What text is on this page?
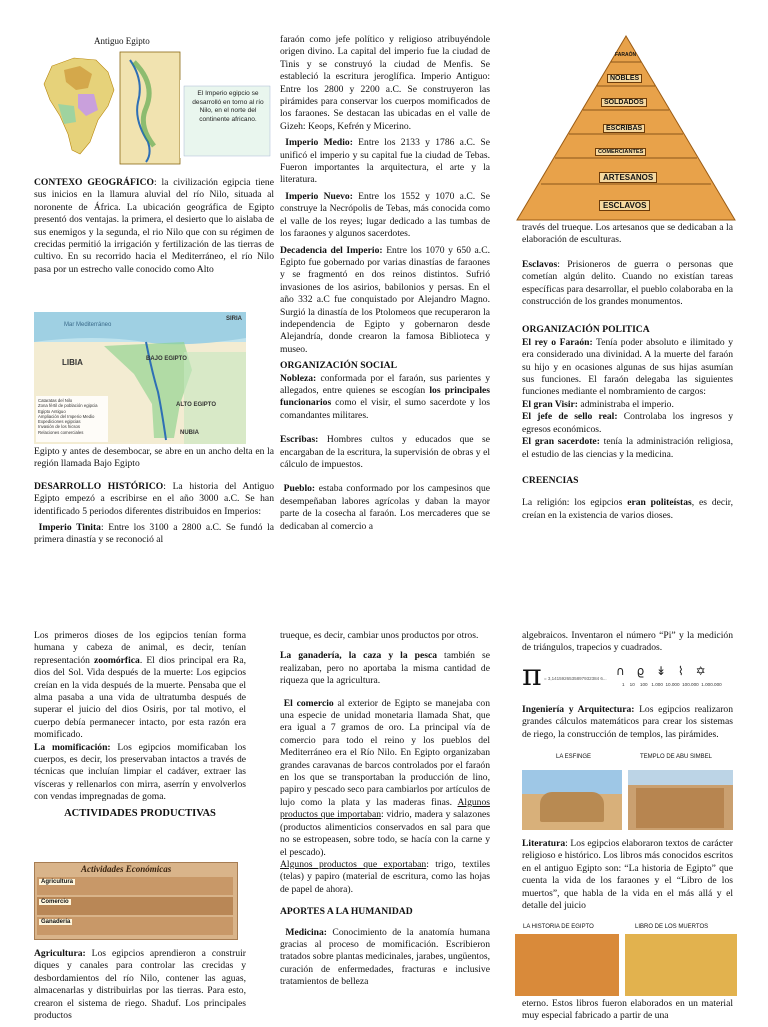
Antiguo Egipto
El Imperio egipcio se desarrolló en torno al río Nilo, en el norte del continente africano.

CONTEXO GEOGRÁFICO: la civilización egipcia tiene sus inicios en la llamura aluvial del río Nilo, situada al noronente de África. La ubicación geográfica de Egipto presentó dos ventajas. la primera, el desierto que lo aislaba de sus enemigos y la segunda, el rio Nilo que con su régimen de crecidas permitió la irrigación y fertilización de las tierras de cultivo. En su recorrido hacia el Mediterráneo, el río Nilo pasa por un estrecho valle conocido como Alto

Mar Mediterráneo
LIBIA	BAJO EGIPTO
ALTO EGIPTO
NUBIA
SIRIA
Cataratas del Nilo
Zona fértil de población egipcia
Egipto Antiguo
Ampliación del Imperio Medio
Expediciones egipcias
Invasión de los hicsos
Relaciones comerciales

Egipto y antes de desembocar, se abre en un ancho delta en la región llamada Bajo Egipto

DESARROLLO HISTÓRICO: La historia del Antiguo Egipto empezó a escribirse en el año 3000 a.C. Se han identificado 5 periodos diferentes distribuidos en Imperios:

Imperio Tinita: Entre los 3100 a 2800 a.C. Se fundó la primera dinastía y se reconoció al

faraón como jefe político y religioso atribuyéndole origen divino. La capital del imperio fue la ciudad de Tinis y se construyó la ciudad de Menfis. Se estableció la escritura jeroglífica. Imperio Antiguo: Entre los 2800 y 2200 a.C. Se construyeron las pirámides para conservar los cuerpos momificados de los faraones. Se destacan las ubicadas en el valle de Gizeh: Keops, Kefrén y Micerino.

Imperio Medio: Entre los 2133 y 1786 a.C. Se unificó el imperio y su capital fue la ciudad de Tebas. Fueron importantes la arquitectura, el arte y la literatura.

Imperio Nuevo: Entre los 1552 y 1070 a.C. Se construye la Necrópolis de Tebas, más conocida como el valle de los reyes; lugar dedicado a las tumbas de los faraones y algunos sacerdotes.

Decadencia del Imperio: Entre los 1070 y 650 a.C. Egipto fue gobernado por varias dinastías de faraones y se fragmentó en dos reinos distintos. Sufrió invasiones de los asirios, babilonios y persas. En el año 332 a.C fue conquistado por Alejandro Magno. Surgió la dinastía de los Ptolomeos que recuperaron la independencia de Egipto y gobernaron desde Alejandría, donde crearon la famosa Biblioteca y museo.

ORGANIZACIÓN SOCIAL

Nobleza: conformada por el faraón, sus parientes y allegados, entre quienes se escogían los principales funcionarios como el visir, el sumo sacerdote y los comandantes militares.

Escribas: Hombres cultos y educados que se encargaban de la escritura, la supervisión de obras y el cálculo de impuestos.

Pueblo: estaba conformado por los campesinos que desempeñaban labores agrícolas y daban la mayor parte de la cosecha al faraón. Los mercaderes que se dedicaban al comercio a

FARAÓN
NOBLES
SOLDADOS
ESCRIBAS
COMERCIANTES
ARTESANOS
ESCLAVOS

través del trueque. Los artesanos que se dedicaban a la elaboración de esculturas.

Esclavos: Prisioneros de guerra o personas que cometían algún delito. Cuando no existían tareas específicas para desarrollar, el pueblo colaboraba en la construcción de los grandes monumentos.

ORGANIZACIÓN POLITICA

El rey o Faraón: Tenía poder absoluto e ilimitado y era considerado una divinidad. A la muerte del faraón su hijo y en ocasiones algunas de sus hijas asumían sus funciones. El faraón delegaba las siguientes funciones mediante el nombramiento de cargos:

El gran Visir: administraba el imperio.

El jefe de sello real: Controlaba los ingresos y egresos económicos.

El gran sacerdote: tenía la administración religiosa, el estudio de las ciencias y la medicina.

CREENCIAS

La religión: los egipcios eran politeístas, es decir, creían en la existencia de varios dioses.

Los primeros dioses de los egipcios tenían forma humana y cabeza de animal, es decir, tenían representación zoomórfica. El dios principal era Ra, dios del Sol. Vida después de la muerte: Los egipcios creían en la vida después de la muerte. Pensaba que el alma pasaba a una vida de ultratumba después de superar el juicio del dios Osiris, por tal motivo, el cuerpo debía permanecer intacto, por esta razón era momificado.

La momificación: Los egipcios momificaban los cuerpos, es decir, los preservaban intactos a través de técnicas que incluían limpiar el cadáver, extraer las vísceras y rellenarlos con mirra, aserrín y envolverlos con vendas impregnadas de goma.

ACTIVIDADES PRODUCTIVAS

Actividades Económicas
Agricultura
Comercio
Ganadería

Agricultura: Los egipcios aprendieron a construir diques y canales para controlar las crecidas y desbordamientos del río Nilo, contener las aguas, almacenarlas y distribuirlas por las tierras. Para esto, crearon el sistema de riego. Shaduf. Los principales productos

trueque, es decir, cambiar unos productos por otros.

La ganadería, la caza y la pesca también se realizaban, pero no aportaba la misma cantidad de riqueza que la agricultura.

El comercio al exterior de Egipto se manejaba con una especie de unidad monetaria llamada Shat, que era igual a 7 gramos de oro. La principal vía de comercio para todo el reino y los pueblos del Mediterráneo era el Río Nilo. En Egipto organizaban grandes caravanas de barcos controlados por el faraón en los que se transportaban la producción de lino, papiro y pescado seco para cambiarlos por artículos de lujo como la plata y las maderas finas. Algunos productos que importaban: vidrio, madera y salazones (productos alimenticios conservados en sal para que no se estropeasen, sobre todo, se hacía con la carne y el pescado).

Algunos productos que exportaban: trigo, textiles (telas) y papiro (material de escritura, como las hojas de papel de ahora).

APORTES A LA HUMANIDAD

Medicina: Conocimiento de la anatomía humana gracias al proceso de momificación. Escribieron tratados sobre plantas medicinales, jarabes, ungüentos, curación de enfermedades, fracturas e inclusive tratamientos de belleza

algebraicos. Inventaron el número “Pi” y la medición de triángulos, trapecios y cuadrados.

π = 3,1415926535897932384 6...
∩ ϱ ↡ ⌇ ✡
1 10 100 1.000 10.000 100.000 1.000.000

Ingeniería y Arquitectura: Los egipcios realizaron grandes cálculos matemáticos para crear los sistemas de riego, la construcción de templos, las pirámides.

LA ESFINGE	TEMPLO DE ABU SIMBEL

Literatura: Los egipcios elaboraron textos de carácter religioso e histórico. Los libros más conocidos escritos en el antiguo Egipto son: “La historia de Egipto” que cuenta la vida de los faraones y el “Libro de los muertos”, que habla de la vida en el más allá y el detalle del juicio

LA HISTORIA DE EGIPTO	LIBRO DE LOS MUERTOS

eterno. Estos libros fueron elaborados en un material muy especial fabricado a partir de una
